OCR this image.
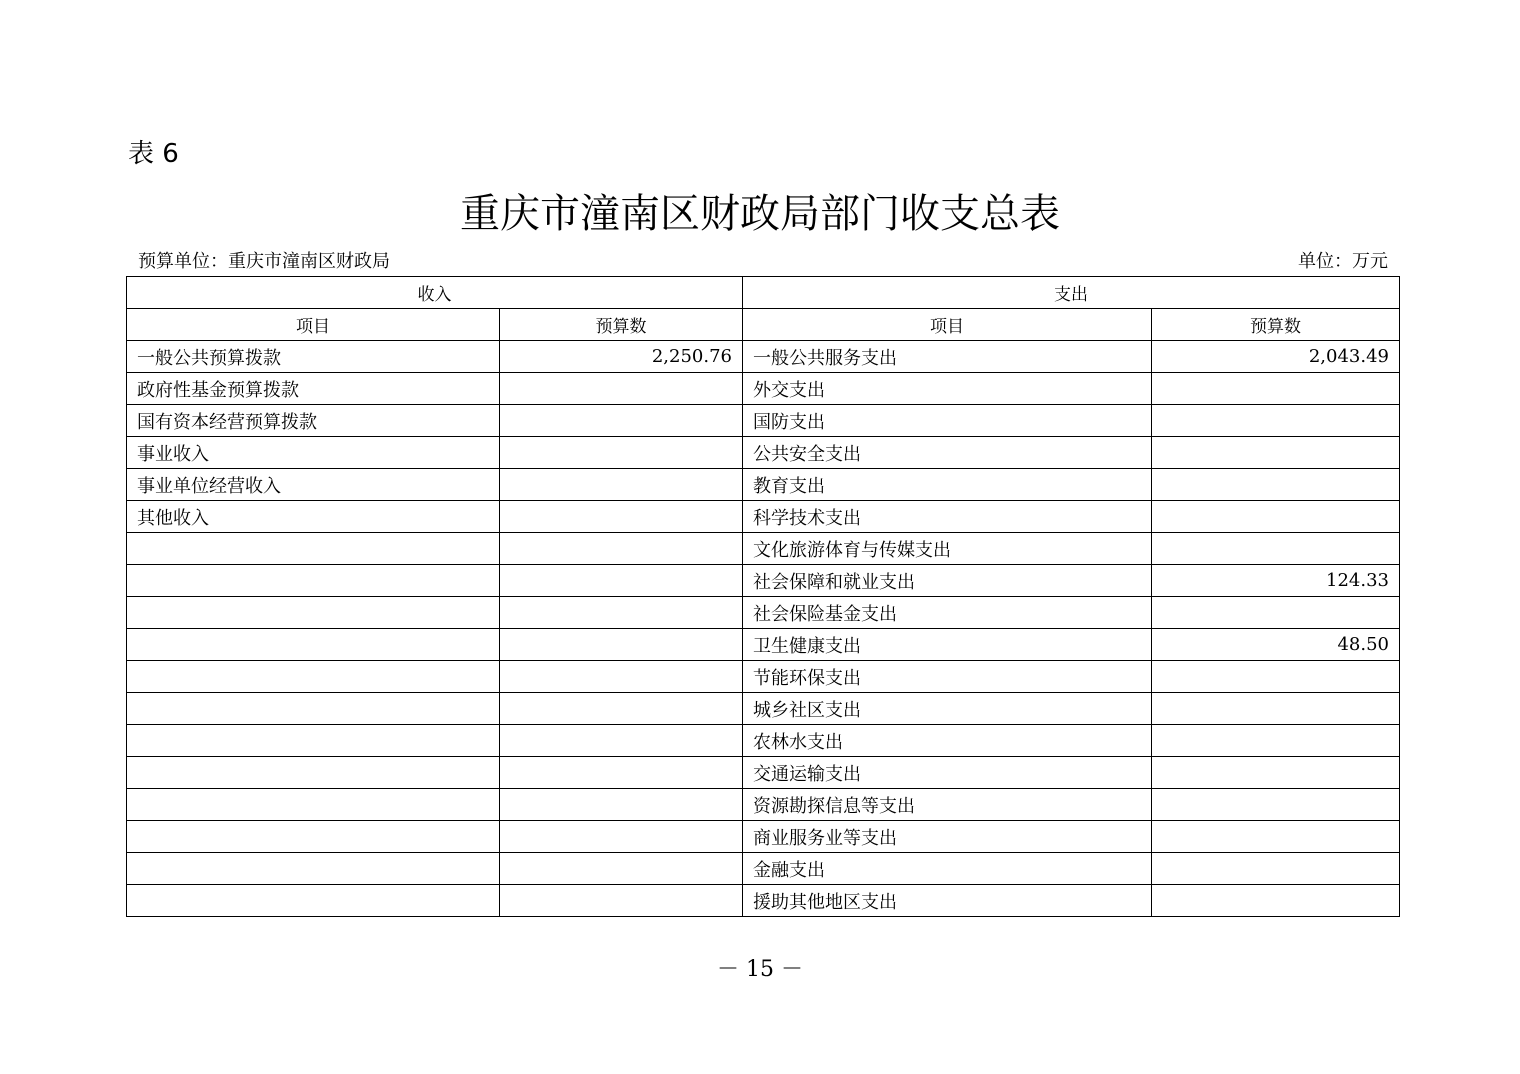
表 6
重庆市潼南区财政局部门收支总表
预算单位：重庆市潼南区财政局	单位：万元
收入		支出	
项目	预算数	项目	预算数
一般公共预算拨款	2,250.76	一般公共服务支出	2,043.49
政府性基金预算拨款		外交支出	
国有资本经营预算拨款		国防支出	
事业收入		公共安全支出	
事业单位经营收入		教育支出	
其他收入		科学技术支出	
		文化旅游体育与传媒支出	
		社会保障和就业支出	124.33
		社会保险基金支出	
		卫生健康支出	48.50
		节能环保支出	
		城乡社区支出	
		农林水支出	
		交通运输支出	
		资源勘探信息等支出	
		商业服务业等支出	
		金融支出	
		援助其他地区支出	
－ 15 －
